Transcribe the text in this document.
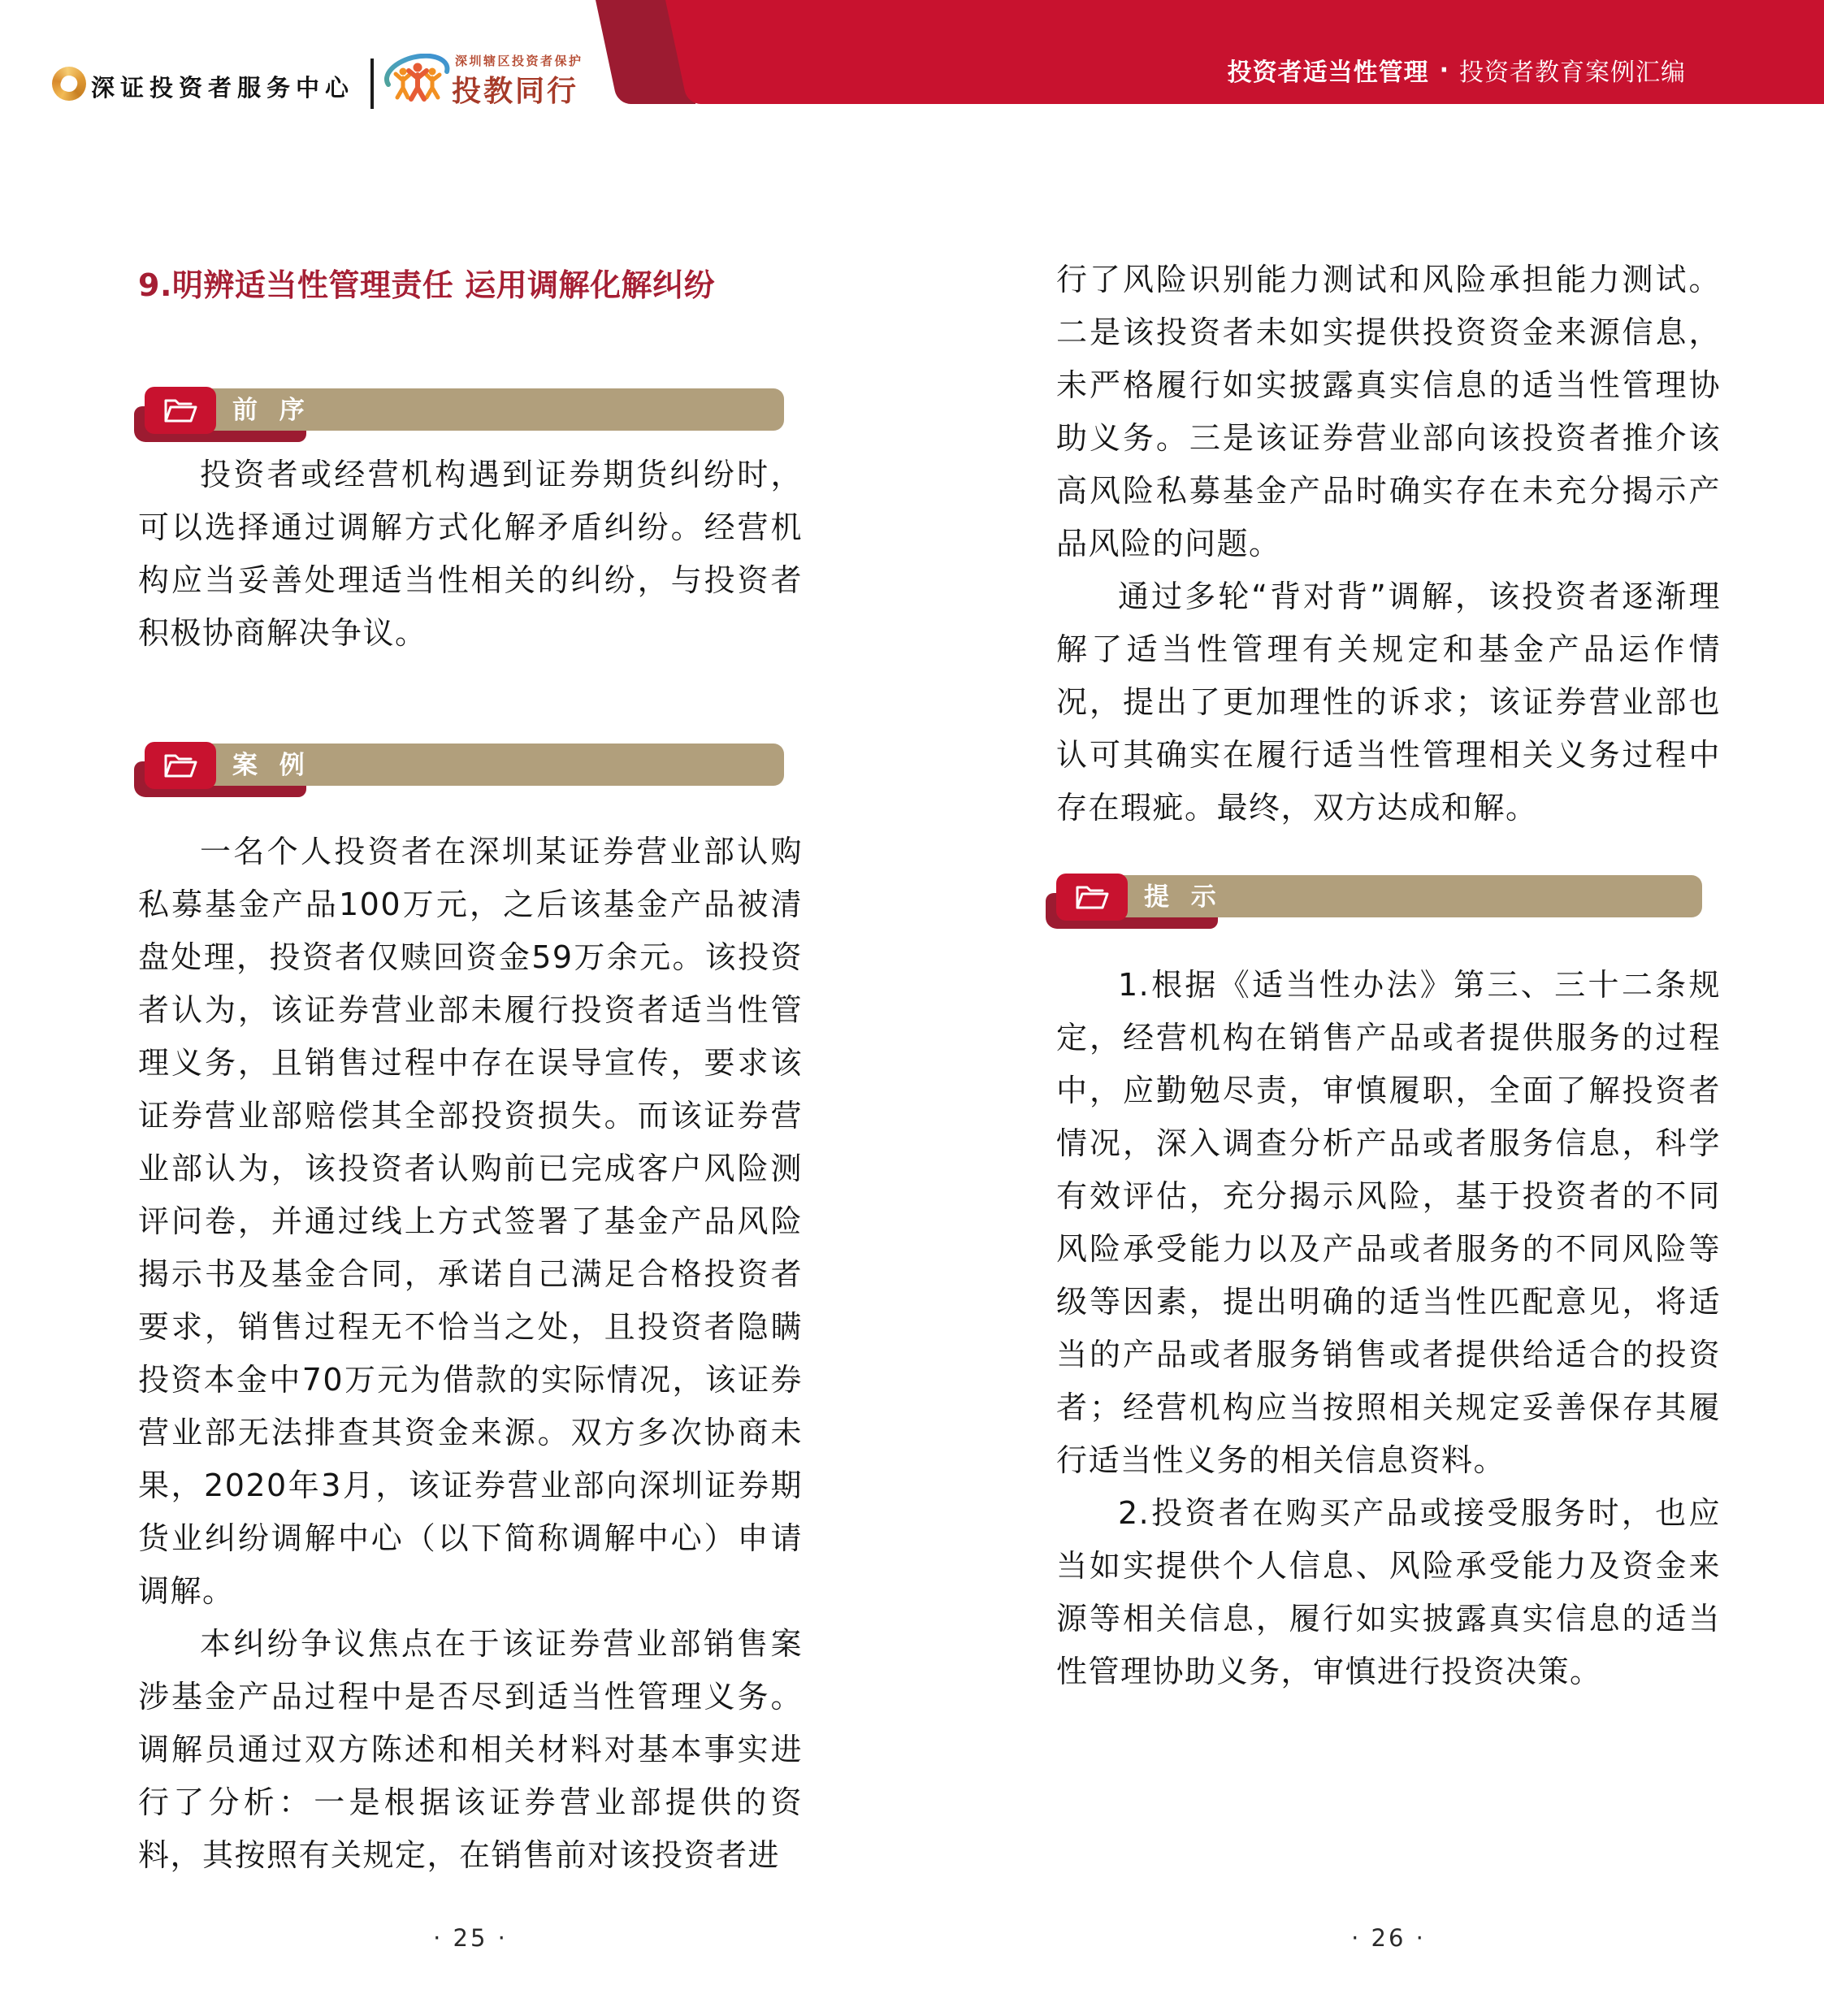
深证投资者服务中心
深圳辖区投资者保护
投教同行
投资者适当性管理 · 投资者教育案例汇编
9.明辨适当性管理责任 运用调解化解纠纷
前 序

投资者或经营机构遇到证券期货纠纷时，可以选择通过调解方式化解矛盾纠纷。经营机构应当妥善处理适当性相关的纠纷，与投资者积极协商解决争议。

案 例

一名个人投资者在深圳某证券营业部认购私募基金产品100万元，之后该基金产品被清盘处理，投资者仅赎回资金59万余元。该投资者认为，该证券营业部未履行投资者适当性管理义务，且销售过程中存在误导宣传，要求该证券营业部赔偿其全部投资损失。而该证券营业部认为，该投资者认购前已完成客户风险测评问卷，并通过线上方式签署了基金产品风险揭示书及基金合同，承诺自己满足合格投资者要求，销售过程无不恰当之处，且投资者隐瞒投资本金中70万元为借款的实际情况，该证券营业部无法排查其资金来源。双方多次协商未果，2020年3月，该证券营业部向深圳证券期货业纠纷调解中心（以下简称调解中心）申请调解。

本纠纷争议焦点在于该证券营业部销售案涉基金产品过程中是否尽到适当性管理义务。调解员通过双方陈述和相关材料对基本事实进行了分析：一是根据该证券营业部提供的资料，其按照有关规定，在销售前对该投资者进

· 25 ·

行了风险识别能力测试和风险承担能力测试。二是该投资者未如实提供投资资金来源信息，未严格履行如实披露真实信息的适当性管理协助义务。三是该证券营业部向该投资者推介该高风险私募基金产品时确实存在未充分揭示产品风险的问题。

通过多轮“背对背”调解，该投资者逐渐理解了适当性管理有关规定和基金产品运作情况，提出了更加理性的诉求；该证券营业部也认可其确实在履行适当性管理相关义务过程中存在瑕疵。最终，双方达成和解。

提 示

1.根据《适当性办法》第三、三十二条规定，经营机构在销售产品或者提供服务的过程中，应勤勉尽责，审慎履职，全面了解投资者情况，深入调查分析产品或者服务信息，科学有效评估，充分揭示风险，基于投资者的不同风险承受能力以及产品或者服务的不同风险等级等因素，提出明确的适当性匹配意见，将适当的产品或者服务销售或者提供给适合的投资者；经营机构应当按照相关规定妥善保存其履行适当性义务的相关信息资料。

2.投资者在购买产品或接受服务时，也应当如实提供个人信息、风险承受能力及资金来源等相关信息，履行如实披露真实信息的适当性管理协助义务，审慎进行投资决策。

· 26 ·
